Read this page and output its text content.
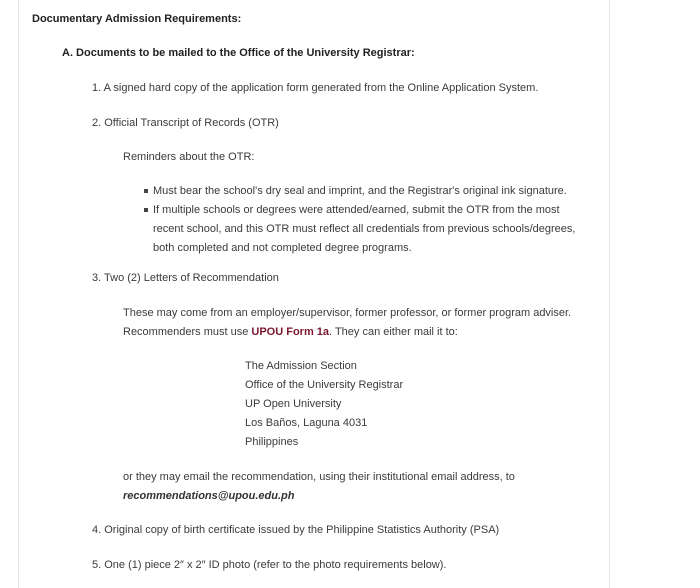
Documentary Admission Requirements:
A. Documents to be mailed to the Office of the University Registrar:
1. A signed hard copy of the application form generated from the Online Application System.
2. Official Transcript of Records (OTR)
Reminders about the OTR:
Must bear the school's dry seal and imprint, and the Registrar's original ink signature.
If multiple schools or degrees were attended/earned, submit the OTR from the most
recent school, and this OTR must reflect all credentials from previous schools/degrees,
both completed and not completed degree programs.
3. Two (2) Letters of Recommendation
These may come from an employer/supervisor, former professor, or former program adviser.
Recommenders must use UPOU Form 1a. They can either mail it to:
The Admission Section
Office of the University Registrar
UP Open University
Los Baños, Laguna 4031
Philippines
or they may email the recommendation, using their institutional email address, to
recommendations@upou.edu.ph
4. Original copy of birth certificate issued by the Philippine Statistics Authority (PSA)
5. One (1) piece 2″ x 2″ ID photo (refer to the photo requirements below).
